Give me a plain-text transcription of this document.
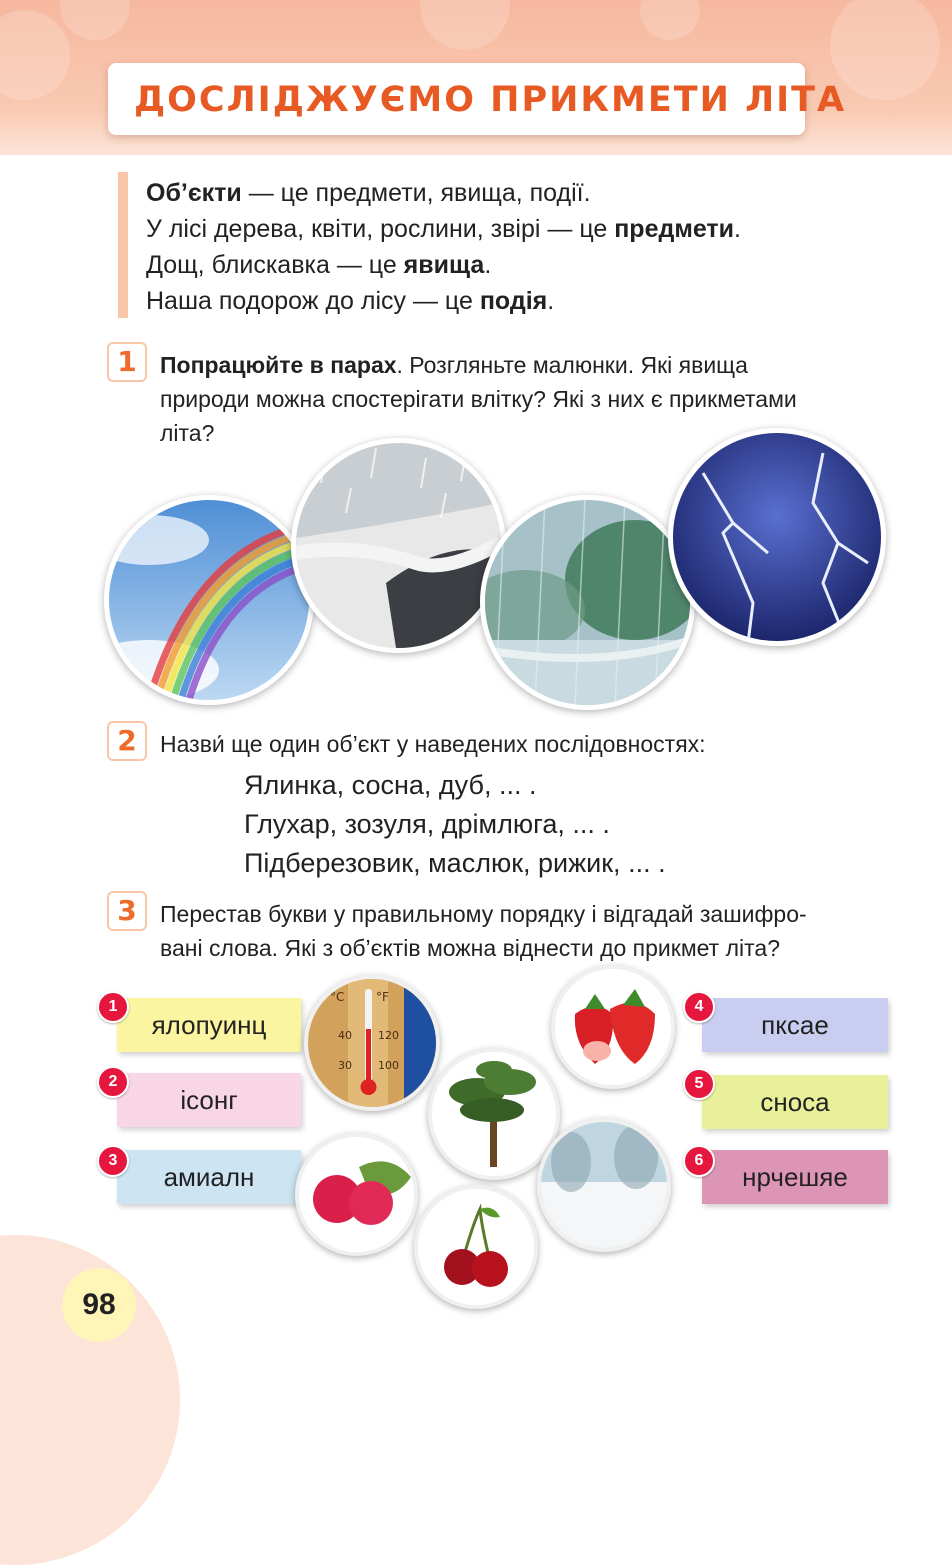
ДОСЛІДЖУЄМО ПРИКМЕТИ ЛІТА
Об’єкти — це предмети, явища, події.
У лісі дерева, квіти, рослини, звірі — це предмети.
Дощ, блискавка — це явища.
Наша подорож до лісу — це подія.
1	Попрацюйте в парах. Розгляньте малюнки. Які явища
природи можна спостерігати влітку? Які з них є прикметами
літа?
2	Назви́ ще один об’єкт у наведених послідовностях:
Ялинка, сосна, дуб, ... .
Глухар, зозуля, дрімлюга, ... .
Підберезовик, маслюк, рижик, ... .
3	Перестав букви у правильному порядку і відгадай зашифро-
вані слова. Які з об’єктів можна віднести до прикмет літа?
ялопуинц
ісонг
амиалн
1
2
3
пксае
сноса
нрчешяе
4
5
6
°C	°F
120
100
40
30
98
